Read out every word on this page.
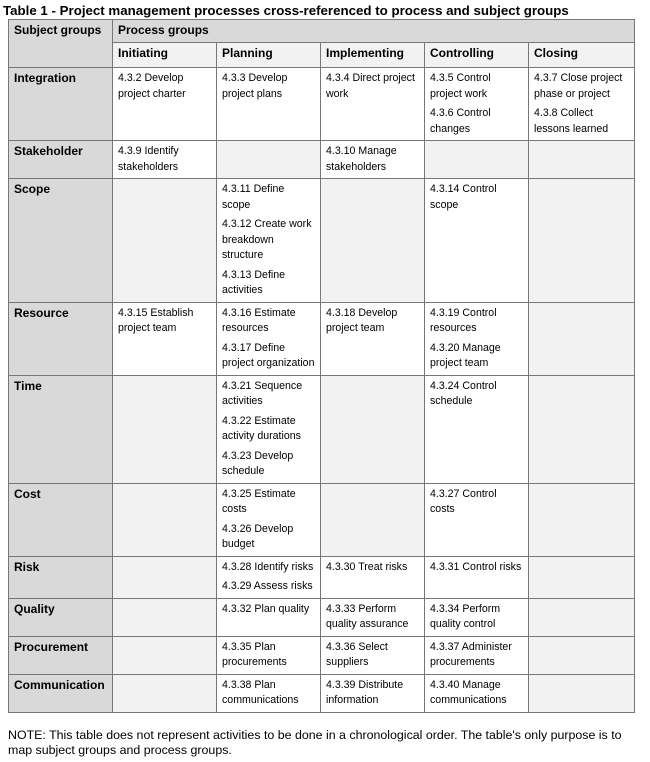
Table 1 - Project management processes cross-referenced to process and subject groups
Subject groups	Process groups				
	Initiating	Planning	Implementing	Controlling	Closing
Integration	4.3.2 Develop project charter	4.3.3 Develop project plans	4.3.4 Direct project work	4.3.5 Control project work
4.3.6 Control changes	4.3.7 Close project phase or project
4.3.8 Collect lessons learned

Stakeholder	4.3.9 Identify stakeholders		4.3.10 Manage stakeholders		

Scope		4.3.11 Define scope
4.3.12 Create work breakdown structure
4.3.13 Define activities		4.3.14 Control scope	

Resource	4.3.15 Establish project team	4.3.16 Estimate resources
4.3.17 Define project organization	4.3.18 Develop project team	4.3.19 Control resources
4.3.20 Manage project team	

Time		4.3.21 Sequence activities
4.3.22 Estimate activity durations
4.3.23 Develop schedule		4.3.24 Control schedule	

Cost		4.3.25 Estimate costs
4.3.26 Develop budget		4.3.27 Control costs	

Risk		4.3.28 Identify risks
4.3.29 Assess risks	4.3.30 Treat risks	4.3.31 Control risks	

Quality		4.3.32 Plan quality	4.3.33 Perform quality assurance	4.3.34 Perform quality control	

Procurement		4.3.35 Plan procurements	4.3.36 Select suppliers	4.3.37 Administer procurements	

Communication		4.3.38 Plan communications	4.3.39 Distribute information	4.3.40 Manage communications	

NOTE: This table does not represent activities to be done in a chronological order. The table's only purpose is to map subject groups and process groups.
